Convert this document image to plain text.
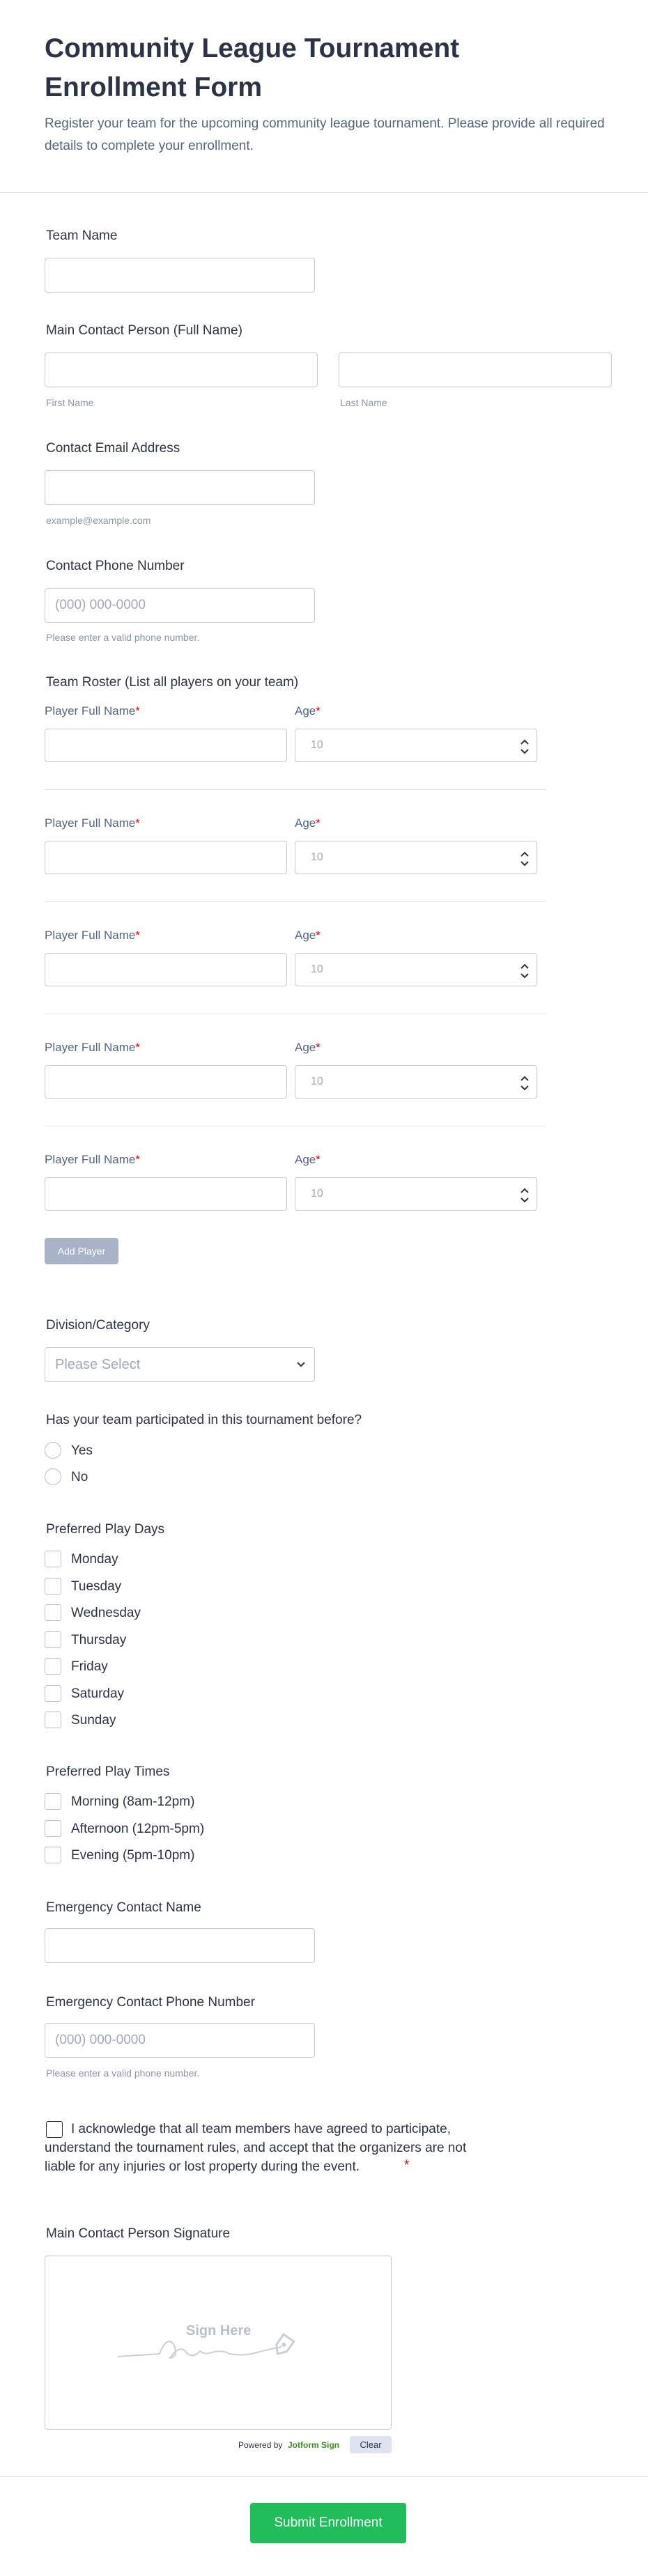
Community League Tournament Enrollment Form
Register your team for the upcoming community league tournament. Please provide all required details to complete your enrollment.
Team Name
Main Contact Person (Full Name)
First Name	Last Name
Contact Email Address
example@example.com
Contact Phone Number
(000) 000-0000
Please enter a valid phone number.
Team Roster (List all players on your team)
Player Full Name*	Age*
10
Player Full Name*	Age*
10
Player Full Name*	Age*
10
Player Full Name*	Age*
10
Player Full Name*	Age*
10
Add Player
Division/Category
Please Select
Has your team participated in this tournament before?
Yes
No
Preferred Play Days
Monday
Tuesday
Wednesday
Thursday
Friday
Saturday
Sunday
Preferred Play Times
Morning (8am-12pm)
Afternoon (12pm-5pm)
Evening (5pm-10pm)
Emergency Contact Name
Emergency Contact Phone Number
(000) 000-0000
Please enter a valid phone number.
I acknowledge that all team members have agreed to participate,
understand the tournament rules, and accept that the organizers are not
liable for any injuries or lost property during the event.	*
Main Contact Person Signature
Sign Here
Powered by Jotform Sign	Clear
Submit Enrollment
